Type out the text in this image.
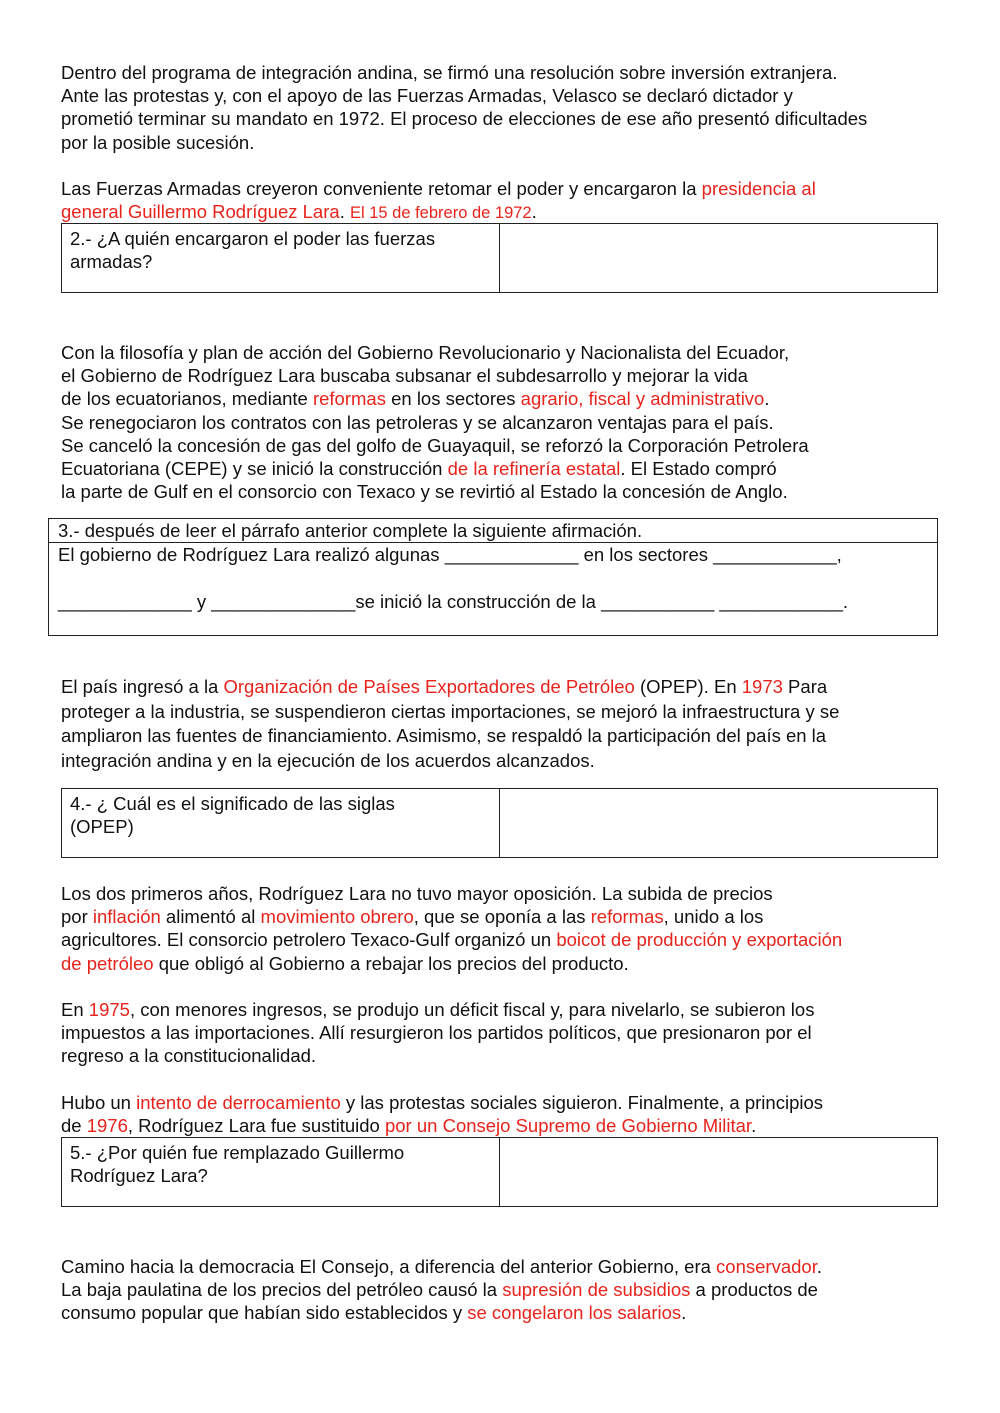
Dentro del programa de integración andina, se firmó una resolución sobre inversión extranjera.
Ante las protestas y, con el apoyo de las Fuerzas Armadas, Velasco se declaró dictador y
prometió terminar su mandato en 1972. El proceso de elecciones de ese año presentó dificultades
por la posible sucesión.
Las Fuerzas Armadas creyeron conveniente retomar el poder y encargaron la presidencia al
general Guillermo Rodríguez Lara. El 15 de febrero de 1972.
2.- ¿A quién encargaron el poder las fuerzas
armadas?
Con la filosofía y plan de acción del Gobierno Revolucionario y Nacionalista del Ecuador,
el Gobierno de Rodríguez Lara buscaba subsanar el subdesarrollo y mejorar la vida
de los ecuatorianos, mediante reformas en los sectores agrario, fiscal y administrativo.
Se renegociaron los contratos con las petroleras y se alcanzaron ventajas para el país.
Se canceló la concesión de gas del golfo de Guayaquil, se reforzó la Corporación Petrolera
Ecuatoriana (CEPE) y se inició la construcción de la refinería estatal. El Estado compró
la parte de Gulf en el consorcio con Texaco y se revirtió al Estado la concesión de Anglo.
3.- después de leer el párrafo anterior complete la siguiente afirmación.
El gobierno de Rodríguez Lara realizó algunas _____________ en los sectores ____________,
_____________ y ______________se inició la construcción de la ___________ ____________.
El país ingresó a la Organización de Países Exportadores de Petróleo (OPEP). En 1973 Para
proteger a la industria, se suspendieron ciertas importaciones, se mejoró la infraestructura y se
ampliaron las fuentes de financiamiento. Asimismo, se respaldó la participación del país en la
integración andina y en la ejecución de los acuerdos alcanzados.
4.- ¿ Cuál es el significado de las siglas
(OPEP)
Los dos primeros años, Rodríguez Lara no tuvo mayor oposición. La subida de precios
por inflación alimentó al movimiento obrero, que se oponía a las reformas, unido a los
agricultores. El consorcio petrolero Texaco-Gulf organizó un boicot de producción y exportación
de petróleo que obligó al Gobierno a rebajar los precios del producto.
En 1975, con menores ingresos, se produjo un déficit fiscal y, para nivelarlo, se subieron los
impuestos a las importaciones. Allí resurgieron los partidos políticos, que presionaron por el
regreso a la constitucionalidad.
Hubo un intento de derrocamiento y las protestas sociales siguieron. Finalmente, a principios
de 1976, Rodríguez Lara fue sustituido por un Consejo Supremo de Gobierno Militar.
5.- ¿Por quién fue remplazado Guillermo
Rodríguez Lara?
Camino hacia la democracia El Consejo, a diferencia del anterior Gobierno, era conservador.
La baja paulatina de los precios del petróleo causó la supresión de subsidios a productos de
consumo popular que habían sido establecidos y se congelaron los salarios.
